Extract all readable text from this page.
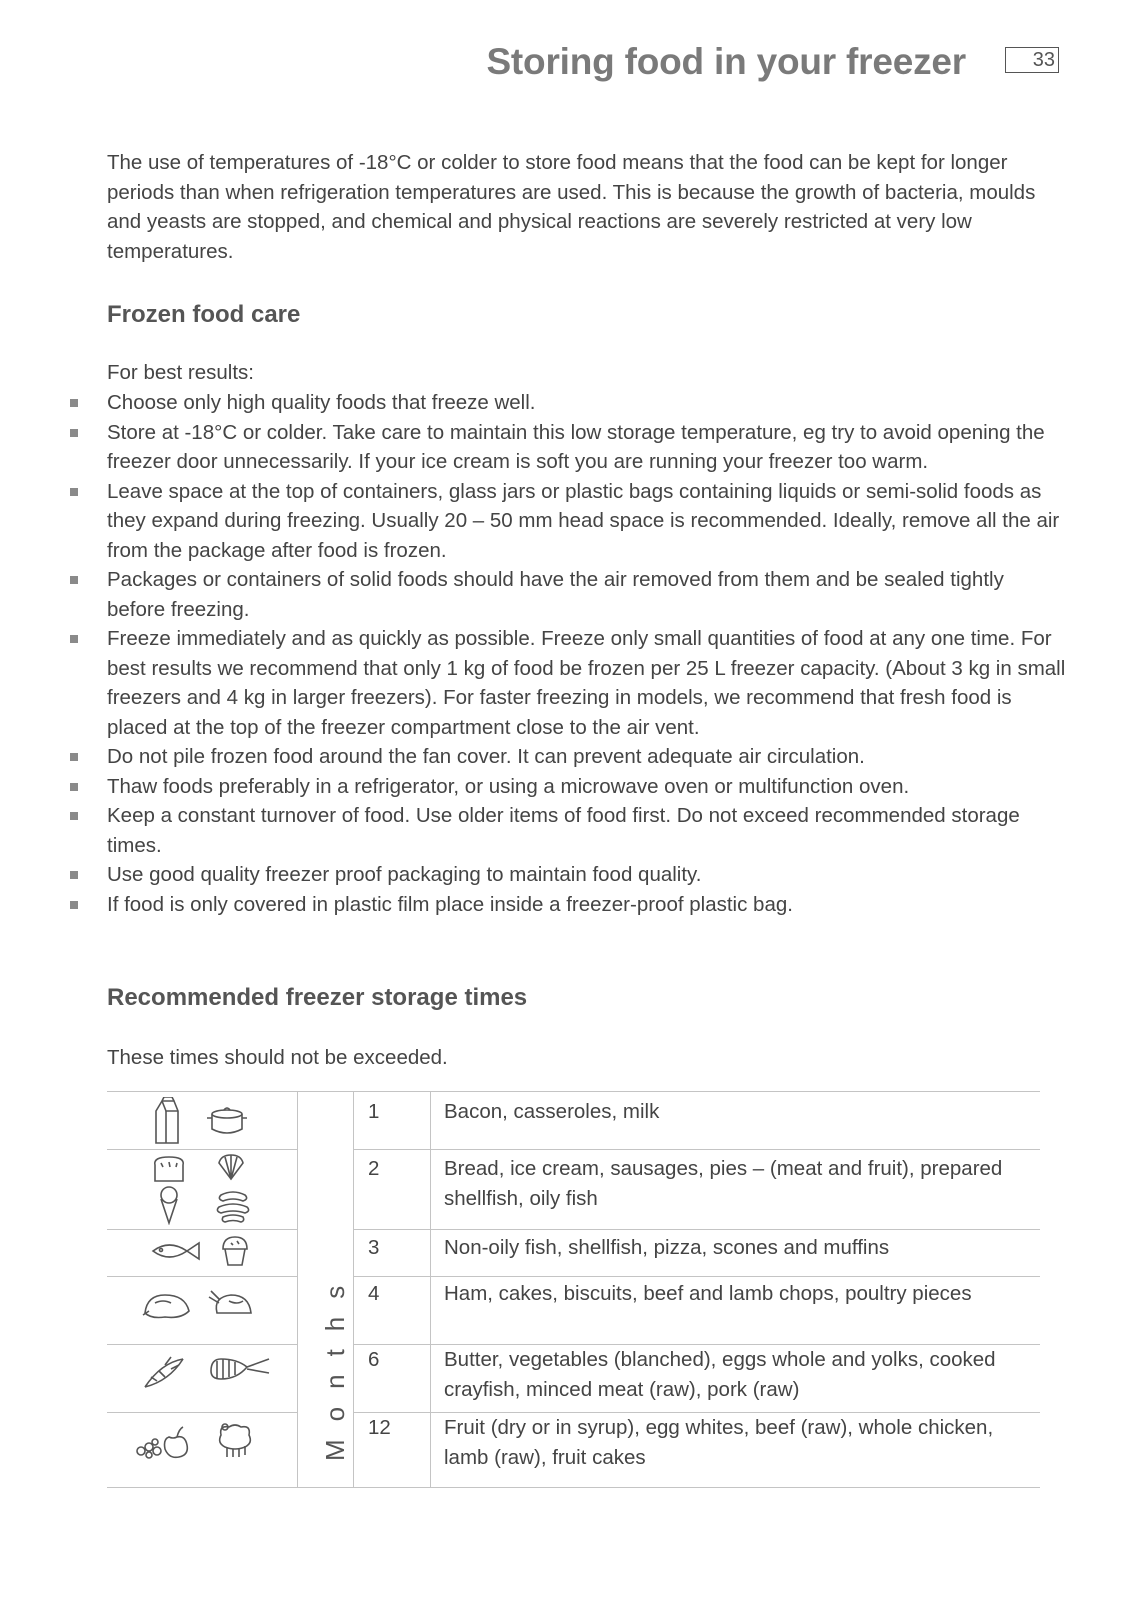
Storing food in your freezer	33

The use of temperatures of -18°C or colder to store food means that the food can be kept for longer periods than when refrigeration temperatures are used. This is because the growth of bacteria, moulds and yeasts are stopped, and chemical and physical reactions are severely restricted at very low temperatures.

Frozen food care

For best results:

Choose only high quality foods that freeze well.
Store at -18°C or colder. Take care to maintain this low storage temperature, eg try to avoid opening the freezer door unnecessarily. If your ice cream is soft you are running your freezer too warm.
Leave space at the top of containers, glass jars or plastic bags containing liquids or semi-solid foods as they expand during freezing. Usually 20 – 50 mm head space is recommended. Ideally, remove all the air from the package after food is frozen.
Packages or containers of solid foods should have the air removed from them and be sealed tightly before freezing.
Freeze immediately and as quickly as possible. Freeze only small quantities of food at any one time. For best results we recommend that only 1 kg of food be frozen per 25 L freezer capacity. (About 3 kg in small freezers and 4 kg in larger freezers). For faster freezing in models, we recommend that fresh food is placed at the top of the freezer compartment close to the air vent.
Do not pile frozen food around the fan cover. It can prevent adequate air circulation.
Thaw foods preferably in a refrigerator, or using a microwave oven or multifunction oven.
Keep a constant turnover of food. Use older items of food first. Do not exceed recommended storage times.
Use good quality freezer proof packaging to maintain food quality.
If food is only covered in plastic film place inside a freezer-proof plastic bag.
Recommended freezer storage times

These times should not be exceeded.

Months
1	Bacon, casseroles, milk
2	Bread, ice cream, sausages, pies – (meat and fruit), prepared shellfish, oily fish
3	Non-oily fish, shellfish, pizza, scones and muffins
4	Ham, cakes, biscuits, beef and lamb chops, poultry pieces
6	Butter, vegetables (blanched), eggs whole and yolks, cooked crayfish, minced meat (raw), pork (raw)
12	Fruit (dry or in syrup), egg whites, beef (raw), whole chicken, lamb (raw), fruit cakes
